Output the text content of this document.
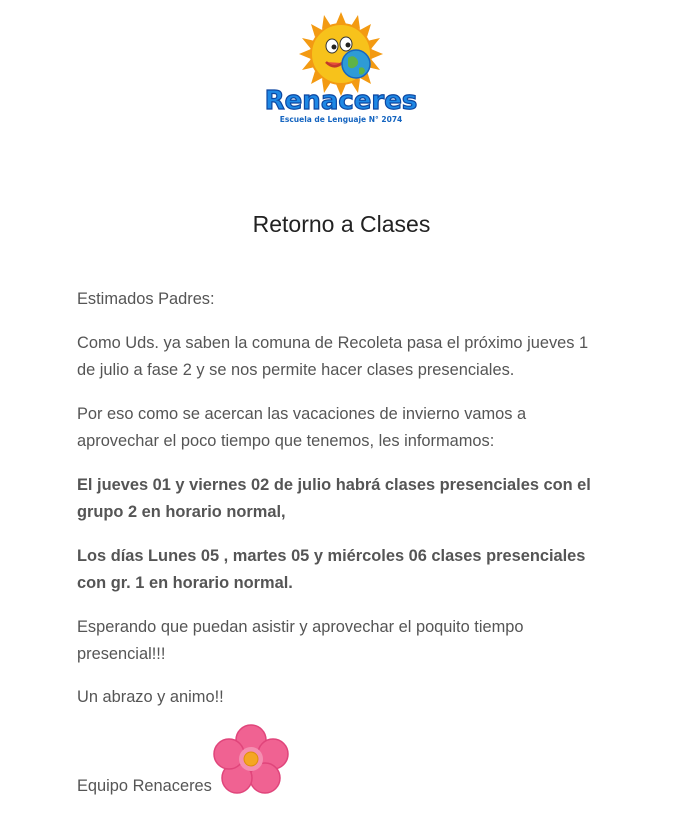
Renaceres
Escuela de Lenguaje N° 2074
Retorno a Clases

Estimados Padres:

Como Uds. ya saben la comuna de Recoleta pasa el próximo jueves 1 de julio a fase 2 y se nos permite hacer clases presenciales.

Por eso como se acercan las vacaciones de invierno vamos a aprovechar el poco tiempo que tenemos, les informamos:

El jueves 01 y viernes 02 de julio habrá clases presenciales con el grupo 2 en horario normal,

Los días Lunes 05 , martes 05 y miércoles 06 clases presenciales con gr. 1 en horario normal.

Esperando que puedan asistir y aprovechar el poquito tiempo presencial!!!

Un abrazo y animo!!

Equipo Renaceres
